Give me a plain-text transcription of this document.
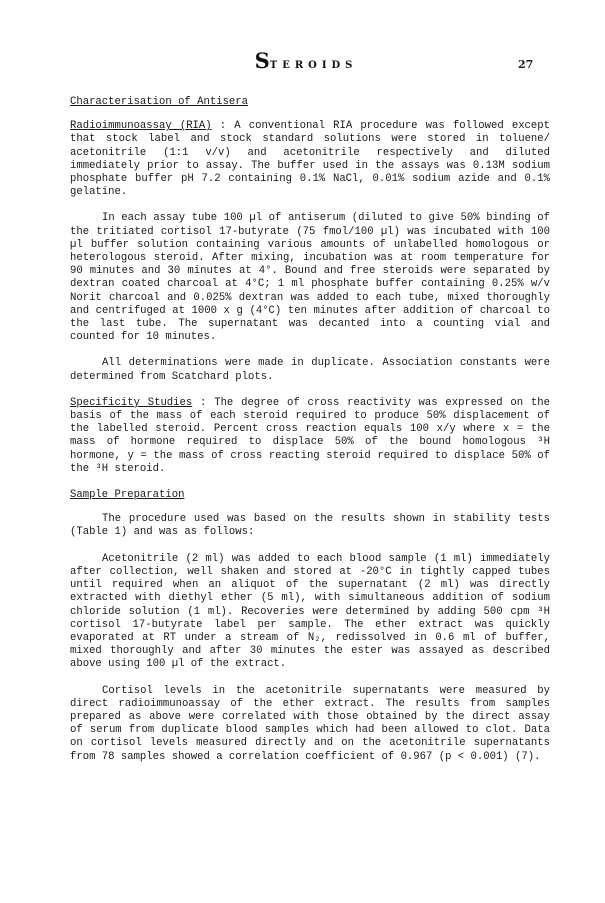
STEROIDS	27
Characterisation of Antisera

Radioimmunoassay (RIA) : A conventional RIA procedure was followed except that stock label and stock standard solutions were stored in toluene/ acetonitrile (1:1 v/v) and acetonitrile respectively and diluted immediately prior to assay. The buffer used in the assays was 0.13M sodium phosphate buffer pH 7.2 containing 0.1% NaCl, 0.01% sodium azide and 0.1% gelatine.

In each assay tube 100 µl of antiserum (diluted to give 50% binding of the tritiated cortisol 17-butyrate (75 fmol/100 µl) was incubated with 100 µl buffer solution containing various amounts of unlabelled homologous or heterologous steroid. After mixing, incubation was at room temperature for 90 minutes and 30 minutes at 4°. Bound and free steroids were separated by dextran coated charcoal at 4°C; 1 ml phosphate buffer containing 0.25% w/v Norit charcoal and 0.025% dextran was added to each tube, mixed thoroughly and centrifuged at 1000 x g (4°C) ten minutes after addition of charcoal to the last tube. The supernatant was decanted into a counting vial and counted for 10 minutes.

All determinations were made in duplicate. Association constants were determined from Scatchard plots.

Specificity Studies : The degree of cross reactivity was expressed on the basis of the mass of each steroid required to produce 50% displacement of the labelled steroid. Percent cross reaction equals 100 x/y where x = the mass of hormone required to displace 50% of the bound homologous ³H hormone, y = the mass of cross reacting steroid required to displace 50% of the ³H steroid.

Sample Preparation

The procedure used was based on the results shown in stability tests (Table 1) and was as follows:

Acetonitrile (2 ml) was added to each blood sample (1 ml) immediately after collection, well shaken and stored at -20°C in tightly capped tubes until required when an aliquot of the supernatant (2 ml) was directly extracted with diethyl ether (5 ml), with simultaneous addition of sodium chloride solution (1 ml). Recoveries were determined by adding 500 cpm ³H cortisol 17-butyrate label per sample. The ether extract was quickly evaporated at RT under a stream of N₂, redissolved in 0.6 ml of buffer, mixed thoroughly and after 30 minutes the ester was assayed as described above using 100 µl of the extract.

Cortisol levels in the acetonitrile supernatants were measured by direct radioimmunoassay of the ether extract. The results from samples prepared as above were correlated with those obtained by the direct assay of serum from duplicate blood samples which had been allowed to clot. Data on cortisol levels measured directly and on the acetonitrile supernatants from 78 samples showed a correlation coefficient of 0.967 (p < 0.001) (7).
